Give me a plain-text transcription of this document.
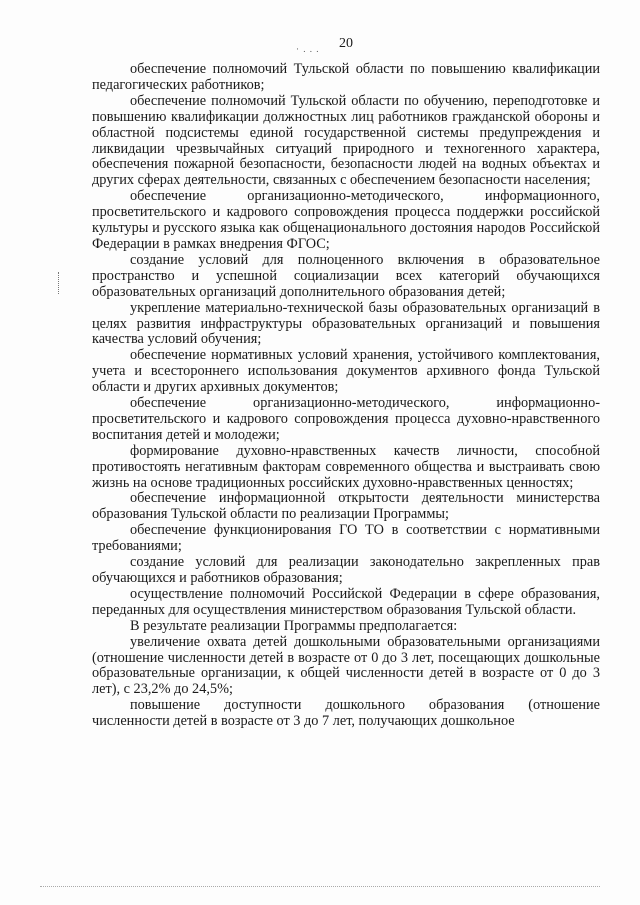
· . . . 20

обеспечение полномочий Тульской области по повышению квалификации педагогических работников;

обеспечение полномочий Тульской области по обучению, переподготовке и повышению квалификации должностных лиц работников гражданской обороны и областной подсистемы единой государственной системы предупреждения и ликвидации чрезвычайных ситуаций природного и техногенного характера, обеспечения пожарной безопасности, безопасности людей на водных объектах и других сферах деятельности, связанных с обеспечением безопасности населения;

обеспечение организационно-методического, информационного, просветительского и кадрового сопровождения процесса поддержки российской культуры и русского языка как общенационального достояния народов Российской Федерации в рамках внедрения ФГОС;

создание условий для полноценного включения в образовательное пространство и успешной социализации всех категорий обучающихся образовательных организаций дополнительного образования детей;

укрепление материально-технической базы образовательных организаций в целях развития инфраструктуры образовательных организаций и повышения качества условий обучения;

обеспечение нормативных условий хранения, устойчивого комплектования, учета и всестороннего использования документов архивного фонда Тульской области и других архивных документов;

обеспечение организационно-методического, информационно-просветительского и кадрового сопровождения процесса духовно-нравственного воспитания детей и молодежи;

формирование духовно-нравственных качеств личности, способной противостоять негативным факторам современного общества и выстраивать свою жизнь на основе традиционных российских духовно-нравственных ценностях;

обеспечение информационной открытости деятельности министерства образования Тульской области по реализации Программы;

обеспечение функционирования ГО ТО в соответствии с нормативными требованиями;

создание условий для реализации законодательно закрепленных прав обучающихся и работников образования;

осуществление полномочий Российской Федерации в сфере образования, переданных для осуществления министерством образования Тульской области.

В результате реализации Программы предполагается:

увеличение охвата детей дошкольными образовательными организациями (отношение численности детей в возрасте от 0 до 3 лет, посещающих дошкольные образовательные организации, к общей численности детей в возрасте от 0 до 3 лет), с 23,2% до 24,5%;

повышение доступности дошкольного образования (отношение численности детей в возрасте от 3 до 7 лет, получающих дошкольное
